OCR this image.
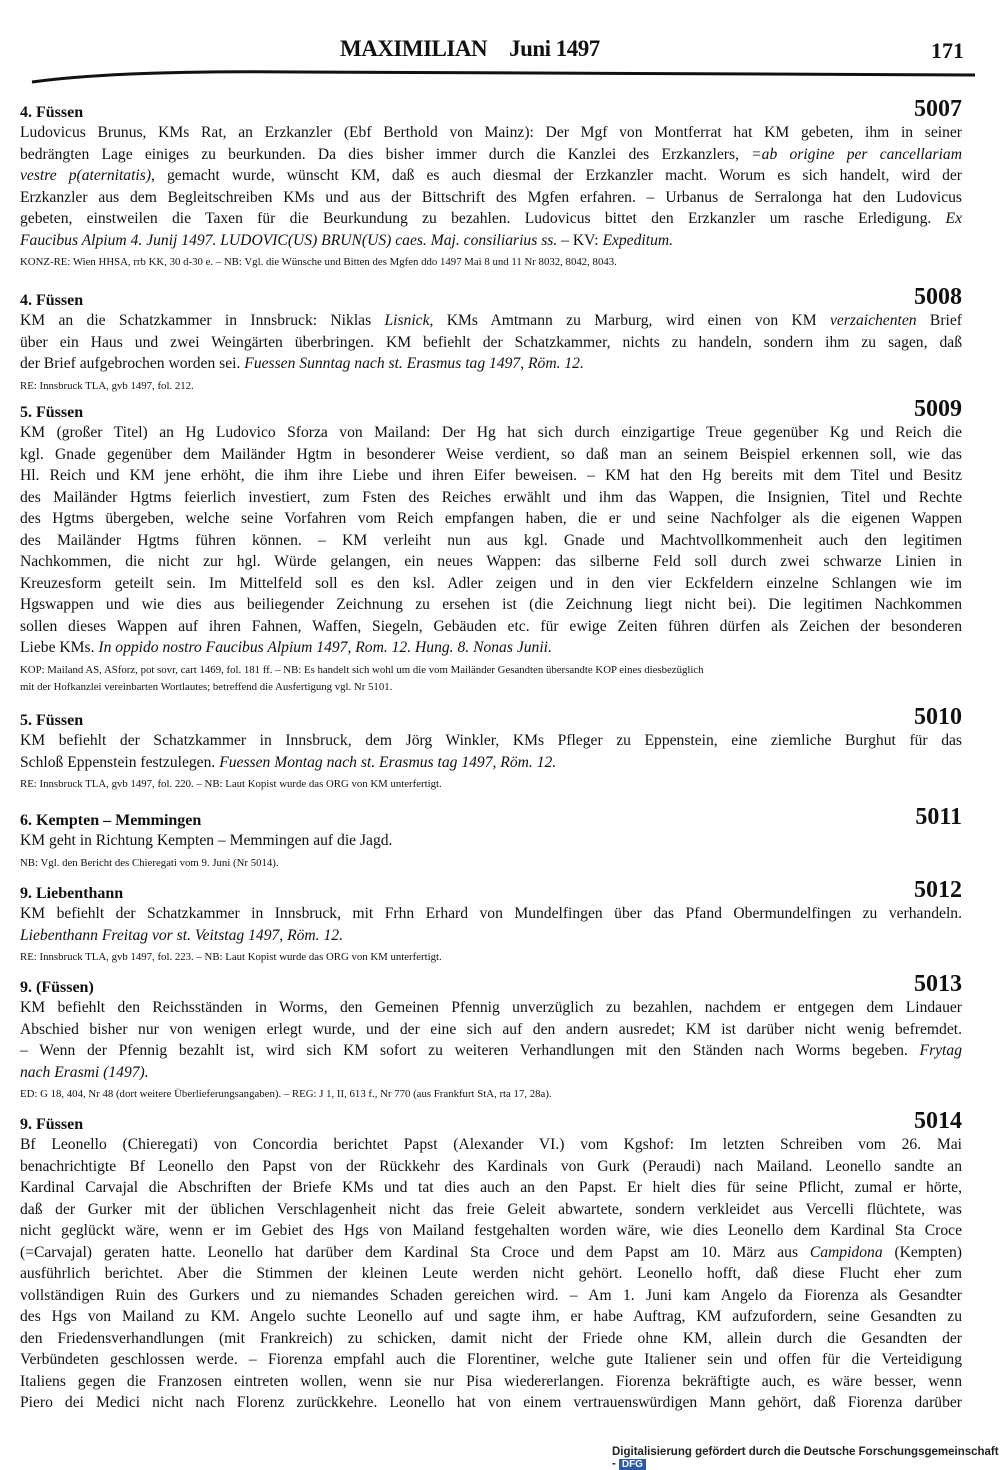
MAXIMILIAN Juni 1497	171
4. Füssen	5007
Ludovicus Brunus, KMs Rat, an Erzkanzler (Ebf Berthold von Mainz): Der Mgf von Montferrat hat KM gebeten, ihm in seiner
bedrängten Lage einiges zu beurkunden. Da dies bisher immer durch die Kanzlei des Erzkanzlers, =ab origine per cancellariam
vestre p(aternitatis), gemacht wurde, wünscht KM, daß es auch diesmal der Erzkanzler macht. Worum es sich handelt, wird der
Erzkanzler aus dem Begleitschreiben KMs und aus der Bittschrift des Mgfen erfahren. – Urbanus de Serralonga hat den Ludovicus
gebeten, einstweilen die Taxen für die Beurkundung zu bezahlen. Ludovicus bittet den Erzkanzler um rasche Erledigung. Ex
Faucibus Alpium 4. Junij 1497. LUDOVIC(US) BRUN(US) caes. Maj. consiliarius ss. – KV: Expeditum.
KONZ-RE: Wien HHSA, rrb KK, 30 d-30 e. – NB: Vgl. die Wünsche und Bitten des Mgfen ddo 1497 Mai 8 und 11 Nr 8032, 8042, 8043.
4. Füssen	5008
KM an die Schatzkammer in Innsbruck: Niklas Lisnick, KMs Amtmann zu Marburg, wird einen von KM verzaichenten Brief
über ein Haus und zwei Weingärten überbringen. KM befiehlt der Schatzkammer, nichts zu handeln, sondern ihm zu sagen, daß
der Brief aufgebrochen worden sei. Fuessen Sunntag nach st. Erasmus tag 1497, Röm. 12.
RE: Innsbruck TLA, gvb 1497, fol. 212.
5. Füssen	5009
KM (großer Titel) an Hg Ludovico Sforza von Mailand: Der Hg hat sich durch einzigartige Treue gegenüber Kg und Reich die
kgl. Gnade gegenüber dem Mailänder Hgtm in besonderer Weise verdient, so daß man an seinem Beispiel erkennen soll, wie das
Hl. Reich und KM jene erhöht, die ihm ihre Liebe und ihren Eifer beweisen. – KM hat den Hg bereits mit dem Titel und Besitz
des Mailänder Hgtms feierlich investiert, zum Fsten des Reiches erwählt und ihm das Wappen, die Insignien, Titel und Rechte
des Hgtms übergeben, welche seine Vorfahren vom Reich empfangen haben, die er und seine Nachfolger als die eigenen Wappen
des Mailänder Hgtms führen können. – KM verleiht nun aus kgl. Gnade und Machtvollkommenheit auch den legitimen
Nachkommen, die nicht zur hgl. Würde gelangen, ein neues Wappen: das silberne Feld soll durch zwei schwarze Linien in
Kreuzesform geteilt sein. Im Mittelfeld soll es den ksl. Adler zeigen und in den vier Eckfeldern einzelne Schlangen wie im
Hgswappen und wie dies aus beiliegender Zeichnung zu ersehen ist (die Zeichnung liegt nicht bei). Die legitimen Nachkommen
sollen dieses Wappen auf ihren Fahnen, Waffen, Siegeln, Gebäuden etc. für ewige Zeiten führen dürfen als Zeichen der besonderen
Liebe KMs. In oppido nostro Faucibus Alpium 1497, Rom. 12. Hung. 8. Nonas Junii.
KOP: Mailand AS, ASforz, pot sovr, cart 1469, fol. 181 ff. – NB: Es handelt sich wohl um die vom Mailänder Gesandten übersandte KOP eines diesbezüglich
mit der Hofkanzlei vereinbarten Wortlautes; betreffend die Ausfertigung vgl. Nr 5101.
5. Füssen	5010
KM befiehlt der Schatzkammer in Innsbruck, dem Jörg Winkler, KMs Pfleger zu Eppenstein, eine ziemliche Burghut für das
Schloß Eppenstein festzulegen. Fuessen Montag nach st. Erasmus tag 1497, Röm. 12.
RE: Innsbruck TLA, gvb 1497, fol. 220. – NB: Laut Kopist wurde das ORG von KM unterfertigt.
6. Kempten – Memmingen	5011
KM geht in Richtung Kempten – Memmingen auf die Jagd.
NB: Vgl. den Bericht des Chieregati vom 9. Juni (Nr 5014).
9. Liebenthann	5012
KM befiehlt der Schatzkammer in Innsbruck, mit Frhn Erhard von Mundelfingen über das Pfand Obermundelfingen zu verhandeln.
Liebenthann Freitag vor st. Veitstag 1497, Röm. 12.
RE: Innsbruck TLA, gvb 1497, fol. 223. – NB: Laut Kopist wurde das ORG von KM unterfertigt.
9. (Füssen)	5013
KM befiehlt den Reichsständen in Worms, den Gemeinen Pfennig unverzüglich zu bezahlen, nachdem er entgegen dem Lindauer
Abschied bisher nur von wenigen erlegt wurde, und der eine sich auf den andern ausredet; KM ist darüber nicht wenig befremdet.
– Wenn der Pfennig bezahlt ist, wird sich KM sofort zu weiteren Verhandlungen mit den Ständen nach Worms begeben. Frytag
nach Erasmi (1497).
ED: G 18, 404, Nr 48 (dort weitere Überlieferungsangaben). – REG: J 1, II, 613 f., Nr 770 (aus Frankfurt StA, rta 17, 28a).
9. Füssen	5014
Bf Leonello (Chieregati) von Concordia berichtet Papst (Alexander VI.) vom Kgshof: Im letzten Schreiben vom 26. Mai
benachrichtigte Bf Leonello den Papst von der Rückkehr des Kardinals von Gurk (Peraudi) nach Mailand. Leonello sandte an
Kardinal Carvajal die Abschriften der Briefe KMs und tat dies auch an den Papst. Er hielt dies für seine Pflicht, zumal er hörte,
daß der Gurker mit der üblichen Verschlagenheit nicht das freie Geleit abwartete, sondern verkleidet aus Vercelli flüchtete, was
nicht geglückt wäre, wenn er im Gebiet des Hgs von Mailand festgehalten worden wäre, wie dies Leonello dem Kardinal Sta Croce
(=Carvajal) geraten hatte. Leonello hat darüber dem Kardinal Sta Croce und dem Papst am 10. März aus Campidona (Kempten)
ausführlich berichtet. Aber die Stimmen der kleinen Leute werden nicht gehört. Leonello hofft, daß diese Flucht eher zum
vollständigen Ruin des Gurkers und zu niemandes Schaden gereichen wird. – Am 1. Juni kam Angelo da Fiorenza als Gesandter
des Hgs von Mailand zu KM. Angelo suchte Leonello auf und sagte ihm, er habe Auftrag, KM aufzufordern, seine Gesandten zu
den Friedensverhandlungen (mit Frankreich) zu schicken, damit nicht der Friede ohne KM, allein durch die Gesandten der
Verbündeten geschlossen werde. – Fiorenza empfahl auch die Florentiner, welche gute Italiener sein und offen für die Verteidigung
Italiens gegen die Franzosen eintreten wollen, wenn sie nur Pisa wiedererlangen. Fiorenza bekräftigte auch, es wäre besser, wenn
Piero dei Medici nicht nach Florenz zurückkehre. Leonello hat von einem vertrauenswürdigen Mann gehört, daß Fiorenza darüber
Digitalisierung gefördert durch die Deutsche Forschungsgemeinschaft - DFG
